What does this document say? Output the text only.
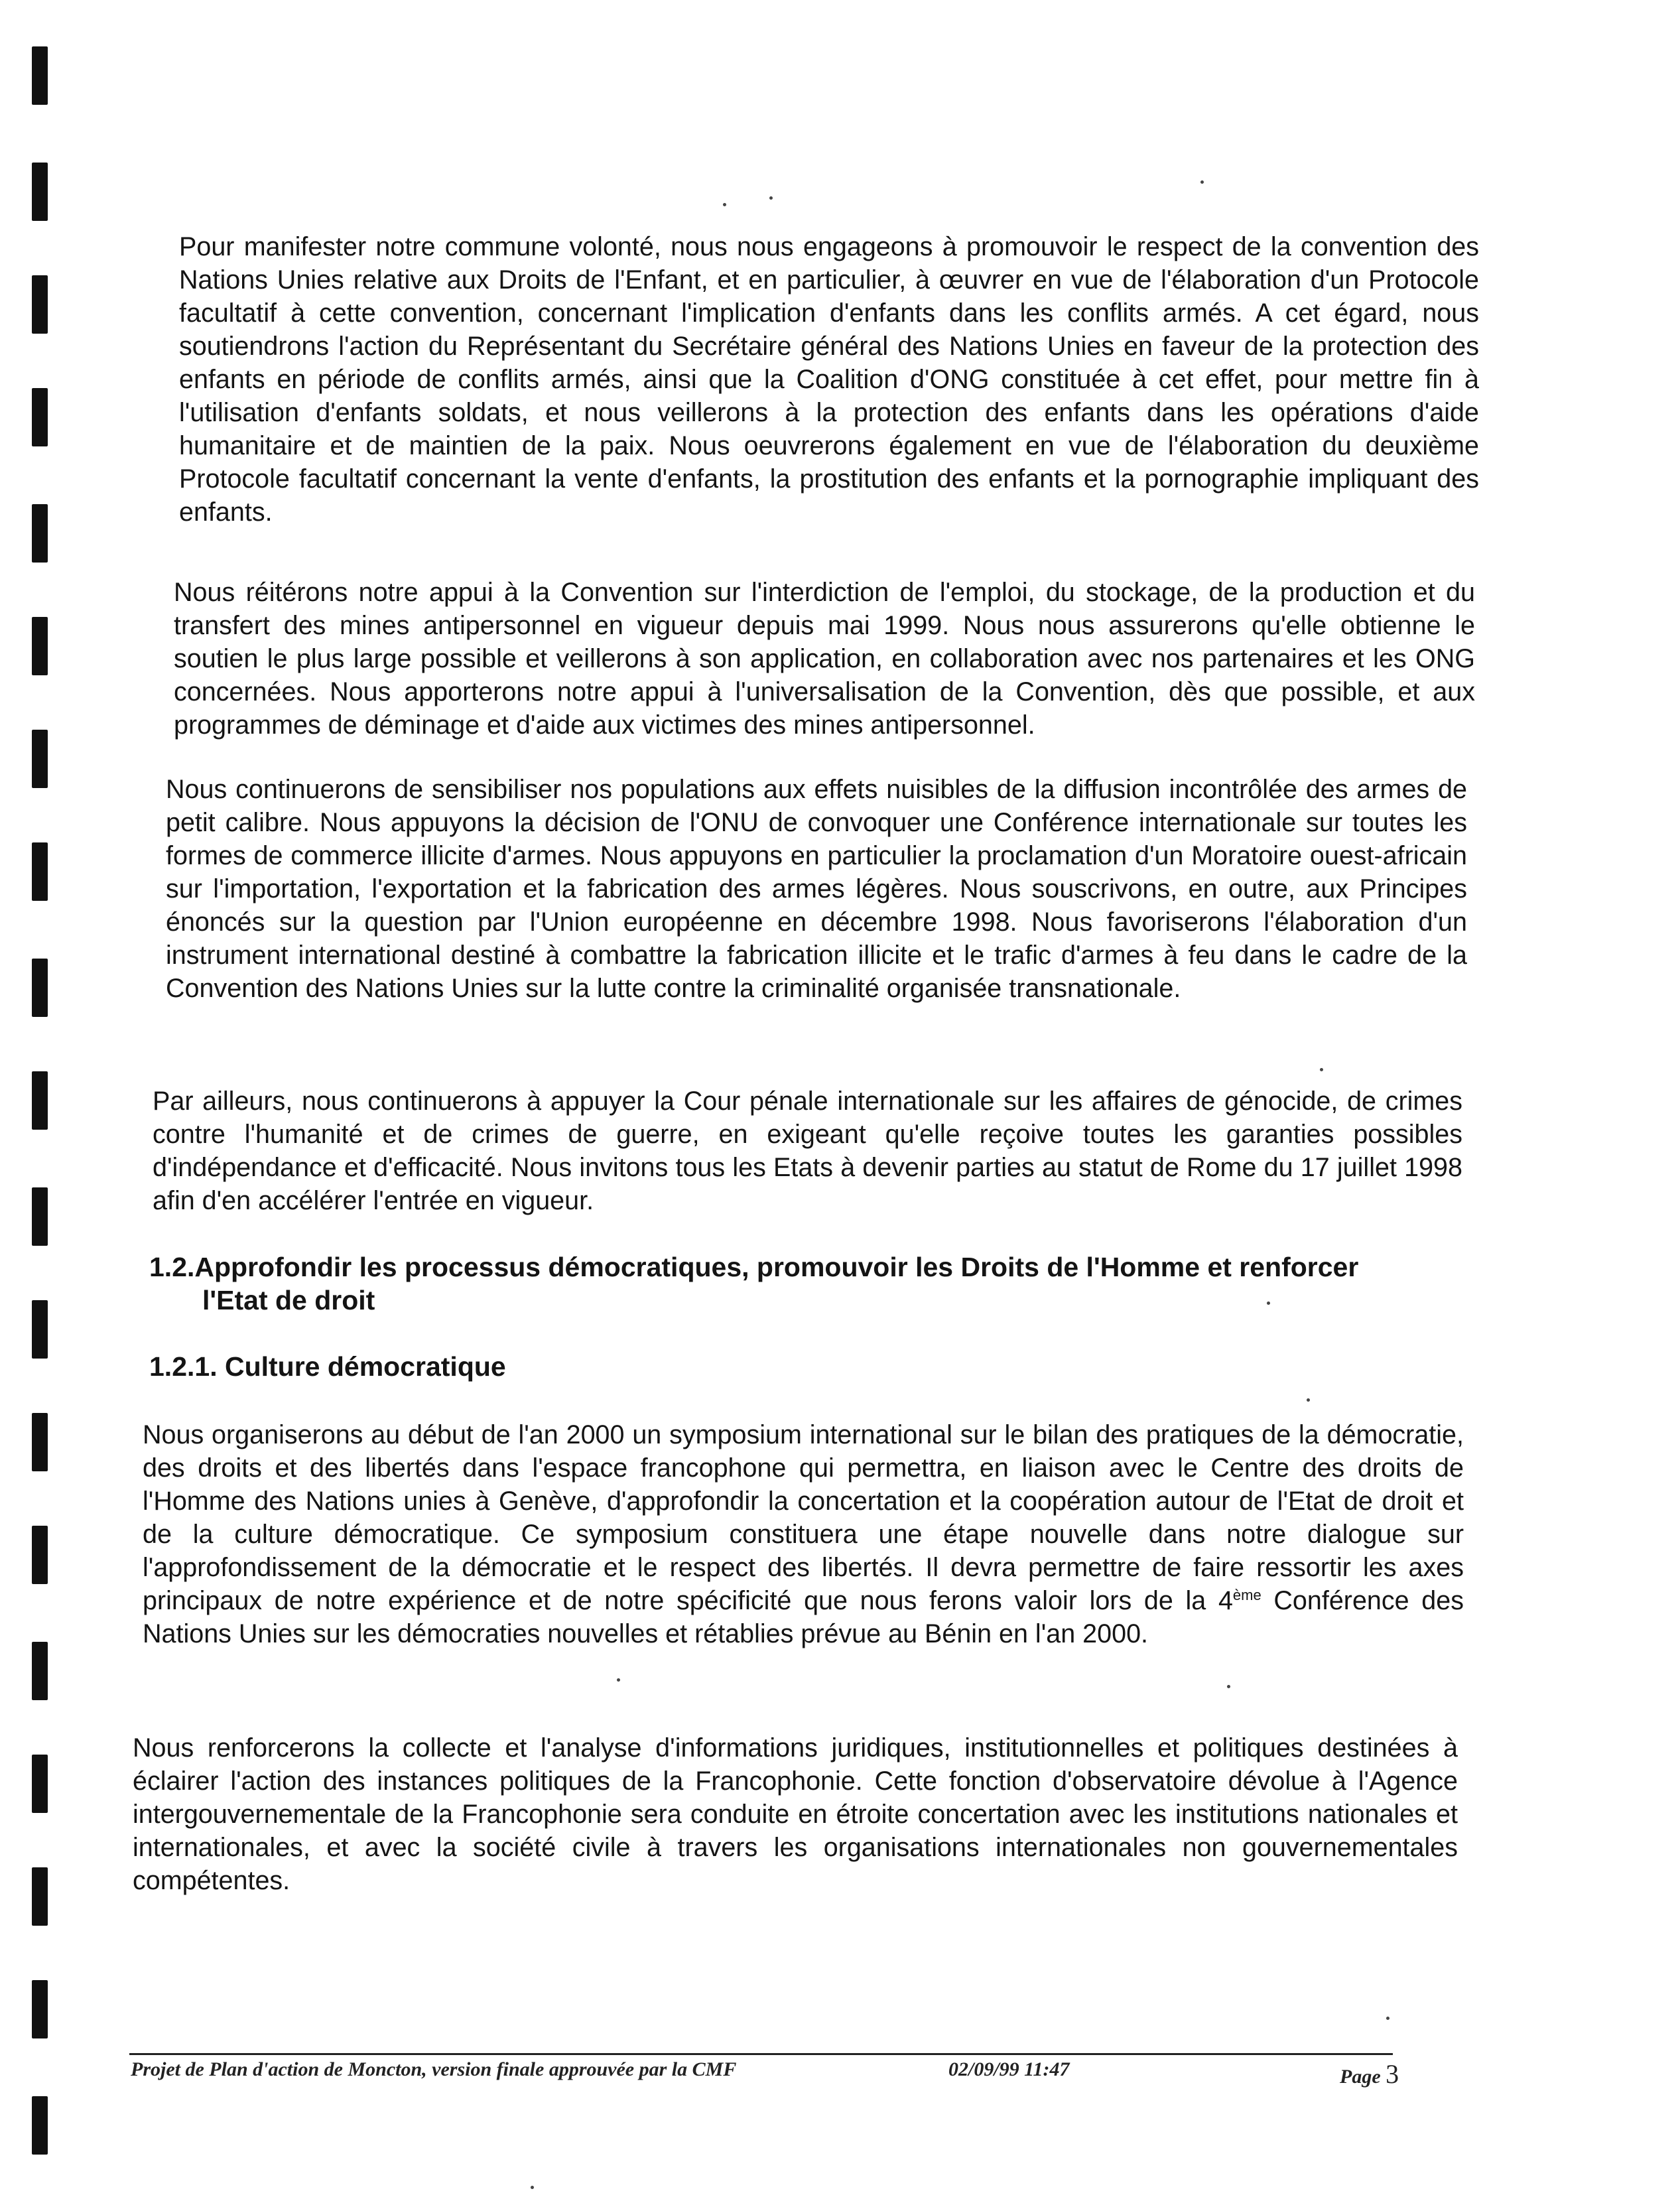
Pour manifester notre commune volonté, nous nous engageons à promouvoir le respect de la convention des Nations Unies relative aux Droits de l'Enfant, et en particulier, à œuvrer en vue de l'élaboration d'un Protocole facultatif à cette convention, concernant l'implication d'enfants dans les conflits armés. A cet égard, nous soutiendrons l'action du Représentant du Secrétaire général des Nations Unies en faveur de la protection des enfants en période de conflits armés, ainsi que la Coalition d'ONG constituée à cet effet, pour mettre fin à l'utilisation d'enfants soldats, et nous veillerons à la protection des enfants dans les opérations d'aide humanitaire et de maintien de la paix. Nous oeuvrerons également en vue de l'élaboration du deuxième Protocole facultatif concernant la vente d'enfants, la prostitution des enfants et la pornographie impliquant des enfants.

Nous réitérons notre appui à la Convention sur l'interdiction de l'emploi, du stockage, de la production et du transfert des mines antipersonnel en vigueur depuis mai 1999. Nous nous assurerons qu'elle obtienne le soutien le plus large possible et veillerons à son application, en collaboration avec nos partenaires et les ONG concernées. Nous apporterons notre appui à l'universalisation de la Convention, dès que possible, et aux programmes de déminage et d'aide aux victimes des mines antipersonnel.

Nous continuerons de sensibiliser nos populations aux effets nuisibles de la diffusion incontrôlée des armes de petit calibre. Nous appuyons la décision de l'ONU de convoquer une Conférence internationale sur toutes les formes de commerce illicite d'armes. Nous appuyons en particulier la proclamation d'un Moratoire ouest-africain sur l'importation, l'exportation et la fabrication des armes légères. Nous souscrivons, en outre, aux Principes énoncés sur la question par l'Union européenne en décembre 1998. Nous favoriserons l'élaboration d'un instrument international destiné à combattre la fabrication illicite et le trafic d'armes à feu dans le cadre de la Convention des Nations Unies sur la lutte contre la criminalité organisée transnationale.

Par ailleurs, nous continuerons à appuyer la Cour pénale internationale sur les affaires de génocide, de crimes contre l'humanité et de crimes de guerre, en exigeant qu'elle reçoive toutes les garanties possibles d'indépendance et d'efficacité. Nous invitons tous les Etats à devenir parties au statut de Rome du 17 juillet 1998 afin d'en accélérer l'entrée en vigueur.

1.2.Approfondir les processus démocratiques, promouvoir les Droits de l'Homme et renforcer
l'Etat de droit
1.2.1. Culture démocratique

Nous organiserons au début de l'an 2000 un symposium international sur le bilan des pratiques de la démocratie, des droits et des libertés dans l'espace francophone qui permettra, en liaison avec le Centre des droits de l'Homme des Nations unies à Genève, d'approfondir la concertation et la coopération autour de l'Etat de droit et de la culture démocratique. Ce symposium constituera une étape nouvelle dans notre dialogue sur l'approfondissement de la démocratie et le respect des libertés. Il devra permettre de faire ressortir les axes principaux de notre expérience et de notre spécificité que nous ferons valoir lors de la 4ème Conférence des Nations Unies sur les démocraties nouvelles et rétablies prévue au Bénin en l'an 2000.

Nous renforcerons la collecte et l'analyse d'informations juridiques, institutionnelles et politiques destinées à éclairer l'action des instances politiques de la Francophonie. Cette fonction d'observatoire dévolue à l'Agence intergouvernementale de la Francophonie sera conduite en étroite concertation avec les institutions nationales et internationales, et avec la société civile à travers les organisations internationales non gouvernementales compétentes.

Projet de Plan d'action de Moncton, version finale approuvée par la CMF	02/09/99 11:47	Page 3
